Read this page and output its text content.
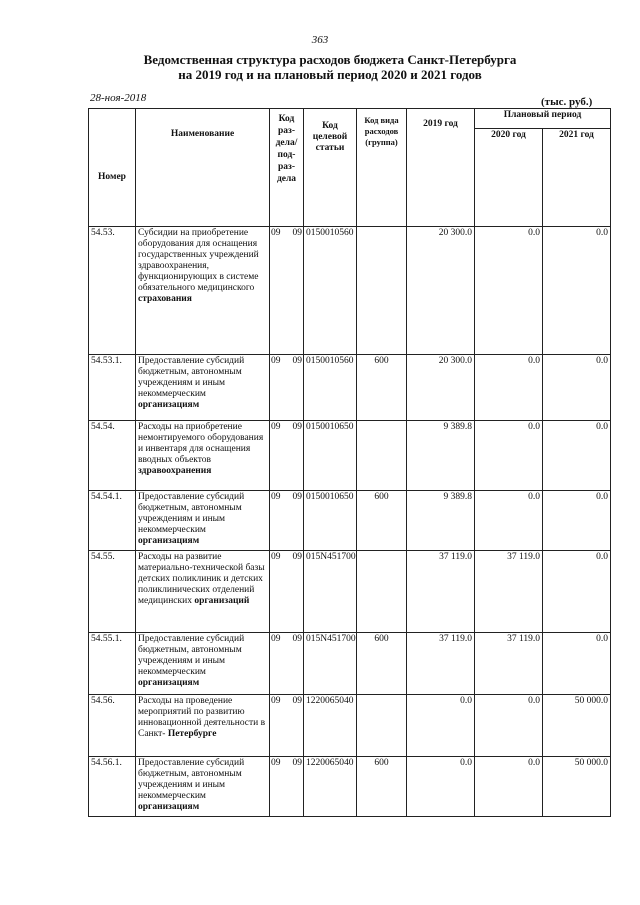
363
Ведомственная структура расходов бюджета Санкт-Петербурга
на 2019 год и на плановый период 2020 и 2021 годов
28-ноя-2018	(тыс. руб.)
Номер	Наименование	Код раз-дела/ под-раз-дела	Код целевой статьи	Код вида расходов (группа)	2019 год	Плановый период	
						2020 год	2021 год
54.53.	Субсидии на приобретение оборудования для оснащения государственных учреждений здравоохранения, функционирующих в системе обязательного медицинского страхования	09 09	0150010560		20 300.0	0.0	0.0
54.53.1.	Предоставление субсидий бюджетным, автономным учреждениям и иным некоммерческим организациям	09 09	0150010560	600	20 300.0	0.0	0.0
54.54.	Расходы на приобретение немонтируемого оборудования и инвентаря для оснащения вводных объектов здравоохранения	09 09	0150010650		9 389.8	0.0	0.0
54.54.1.	Предоставление субсидий бюджетным, автономным учреждениям и иным некоммерческим организациям	09 09	0150010650	600	9 389.8	0.0	0.0
54.55.	Расходы на развитие материально-технической базы детских поликлиник и детских поликлинических отделений медицинских организаций	09 09	015N451700		37 119.0	37 119.0	0.0
54.55.1.	Предоставление субсидий бюджетным, автономным учреждениям и иным некоммерческим организациям	09 09	015N451700	600	37 119.0	37 119.0	0.0
54.56.	Расходы на проведение мероприятий по развитию инновационной деятельности в Санкт- Петербурге	09 09	1220065040		0.0	0.0	50 000.0
54.56.1.	Предоставление субсидий бюджетным, автономным учреждениям и иным некоммерческим организациям	09 09	1220065040	600	0.0	0.0	50 000.0
